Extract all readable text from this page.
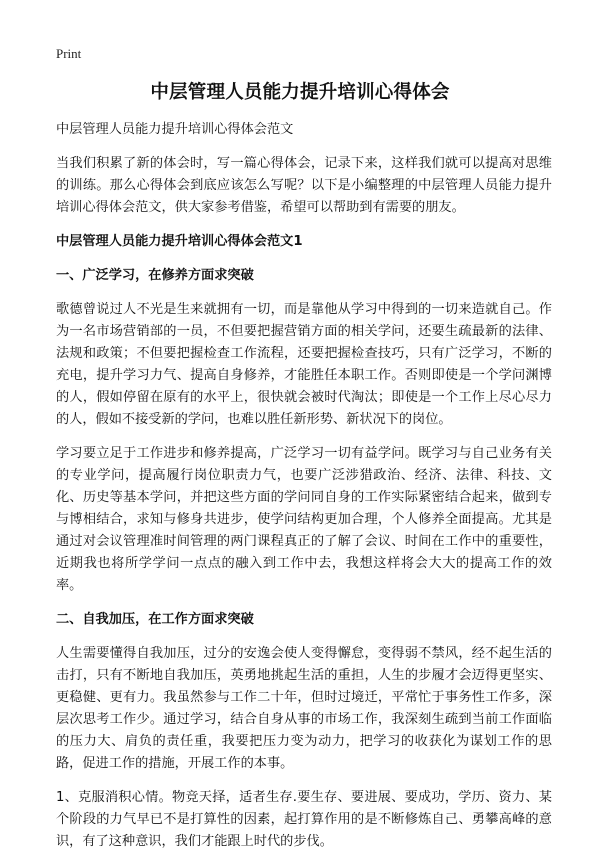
Print
中层管理人员能力提升培训心得体会

中层管理人员能力提升培训心得体会范文

当我们积累了新的体会时，写一篇心得体会，记录下来，这样我们就可以提高对思维的训练。那么心得体会到底应该怎么写呢？以下是小编整理的中层管理人员能力提升培训心得体会范文，供大家参考借鉴，希望可以帮助到有需要的朋友。

中层管理人员能力提升培训心得体会范文1

一、广泛学习，在修养方面求突破

歌德曾说过人不光是生来就拥有一切，而是靠他从学习中得到的一切来造就自己。作为一名市场营销部的一员，不但要把握营销方面的相关学问，还要生疏最新的法律、法规和政策；不但要把握检查工作流程，还要把握检查技巧，只有广泛学习，不断的充电，提升学习力气、提高自身修养，才能胜任本职工作。否则即使是一个学问渊博的人，假如停留在原有的水平上，很快就会被时代淘汰；即使是一个工作上尽心尽力的人，假如不接受新的学问，也难以胜任新形势、新状况下的岗位。

学习要立足于工作进步和修养提高，广泛学习一切有益学问。既学习与自己业务有关的专业学问，提高履行岗位职责力气，也要广泛涉猎政治、经济、法律、科技、文化、历史等基本学问，并把这些方面的学问同自身的工作实际紧密结合起来，做到专与博相结合，求知与修身共进步，使学问结构更加合理，个人修养全面提高。尤其是通过对会议管理准时间管理的两门课程真正的了解了会议、时间在工作中的重要性，近期我也将所学学问一点点的融入到工作中去，我想这样将会大大的提高工作的效率。

二、自我加压，在工作方面求突破

人生需要懂得自我加压，过分的安逸会使人变得懈怠，变得弱不禁风，经不起生活的击打，只有不断地自我加压，英勇地挑起生活的重担，人生的步履才会迈得更坚实、更稳健、更有力。我虽然参与工作二十年，但时过境迁，平常忙于事务性工作多，深层次思考工作少。通过学习，结合自身从事的市场工作，我深刻生疏到当前工作面临的压力大、肩负的责任重，我要把压力变为动力，把学习的收获化为谋划工作的思路，促进工作的措施，开展工作的本事。

1、克服消积心情。物竞天择，适者生存.要生存、要进展、要成功，学历、资力、某个阶段的力气早已不是打算性的因素，起打算作用的是不断修炼自己、勇攀高峰的意识，有了这种意识，我们才能跟上时代的步伐。
